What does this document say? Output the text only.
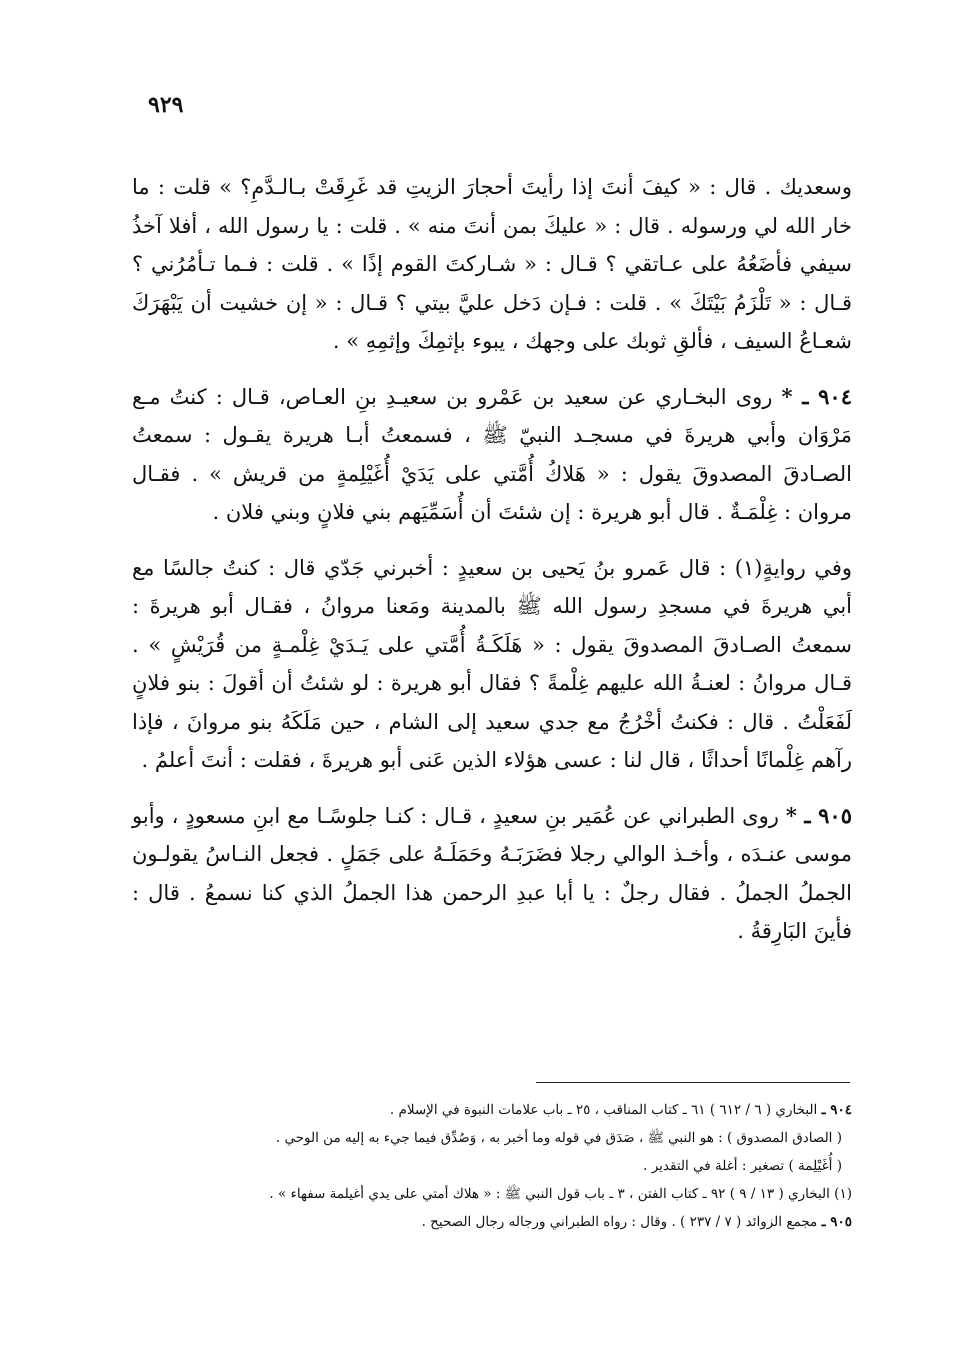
٩٢٩

وسعديك . قال : « كيفَ أنتَ إذا رأيتَ أحجارَ الزيتِ قد غَرِقَتْ بـالـدَّمِ؟ » قلت : ما خار الله لي ورسوله . قال : « عليكَ بمن أنتَ منه » . قلت : يا رسول الله ، أفلا آخذُ سيفي فأضَعُهُ على عـاتقي ؟ قـال : « شـاركتَ القوم إذًا » . قلت : فـما تـأمُرُني ؟ قـال : « تَلْزَمُ بَيْتَكَ » . قلت : فـإن دَخل عليَّ بيتي ؟ قـال : « إن خشيت أن يَبْهَرَكَ شعـاعُ السيف ، فألقِ ثوبك على وجهك ، يبوء بإثمِكَ وإثمِهِ » .

٩٠٤ ـ * روى البخـاري عن سعيد بن عَمْرو بن سعيـدِ بنِ العـاص، قـال : كنتُ مـع مَرْوَان وأبي هريرةَ في مسجـد النبيّ ﷺ ، فسمعتُ أبـا هريرة يقـول : سمعتُ الصـادقَ المصدوقَ يقول : « هَلاكُ أُمَّتي على يَدَيْ أُغَيْلِمةٍ من قريش » . فقـال مروان : غِلْمَـةٌ . قال أبو هريرة : إن شئتَ أن أُسَمِّيَهم بني فلانٍ وبني فلان .

وفي روايةٍ(١) : قال عَمرو بنُ يَحيى بن سعيدٍ : أخبرني جَدّي قال : كنتُ جالسًا مع أبي هريرةَ في مسجدِ رسول الله ﷺ بالمدينة ومَعنا مروانُ ، فقـال أبو هريرةَ : سمعتُ الصـادقَ المصدوقَ يقول : « هَلَكَـةُ أُمَّتي على يَـدَيْ غِلْمـةٍ من قُرَيْشٍ » . قـال مروانُ : لعنـةُ الله عليهم غِلْمةً ؟ فقال أبو هريرة : لو شئتُ أن أقولَ : بنو فلانٍ لَفَعَلْتُ . قال : فكنتُ أخْرُجُ مع جدي سعيد إلى الشام ، حين مَلَكَهُ بنو مروانَ ، فإذا رآهم غِلْمانًا أحداثًا ، قال لنا : عسى هؤلاء الذين عَنى أبو هريرةَ ، فقلت : أنتَ أعلمُ .

٩٠٥ ـ * روى الطبراني عن عُمَير بنِ سعيدٍ ، قـال : كنـا جلوسًـا مع ابنِ مسعودٍ ، وأبو موسى عنـدَه ، وأخـذ الوالي رجلا فضَرَبَـهُ وحَمَلَـهُ على جَمَلٍ . فجعل النـاسُ يقولـون الجملُ الجملُ . فقال رجلٌ : يا أبا عبدِ الرحمن هذا الجملُ الذي كنا نسمعُ . قال : فأينَ البَارِقةُ .

٩٠٤ ـ البخاري ( ٦ / ٦١٢ ) ٦١ ـ كتاب المناقب ، ٢٥ ـ باب علامات النبوة في الإسلام .

( الصادق المصدوق ) : هو النبي ﷺ ، صَدَق في قوله وما أخبر به ، وَصُدِّق فيما جيء به إليه من الوحي .

( أُغَيْلِمة ) تصغير : أغلة في التقدير .

(١) البخاري ( ١٣ / ٩ ) ٩٢ ـ كتاب الفتن ، ٣ ـ باب قول النبي ﷺ : « هلاك أمتي على يدي أغيلمة سفهاء » .

٩٠٥ ـ مجمع الزوائد ( ٧ / ٢٣٧ ) . وقال : رواه الطبراني ورجاله رجال الصحيح .
